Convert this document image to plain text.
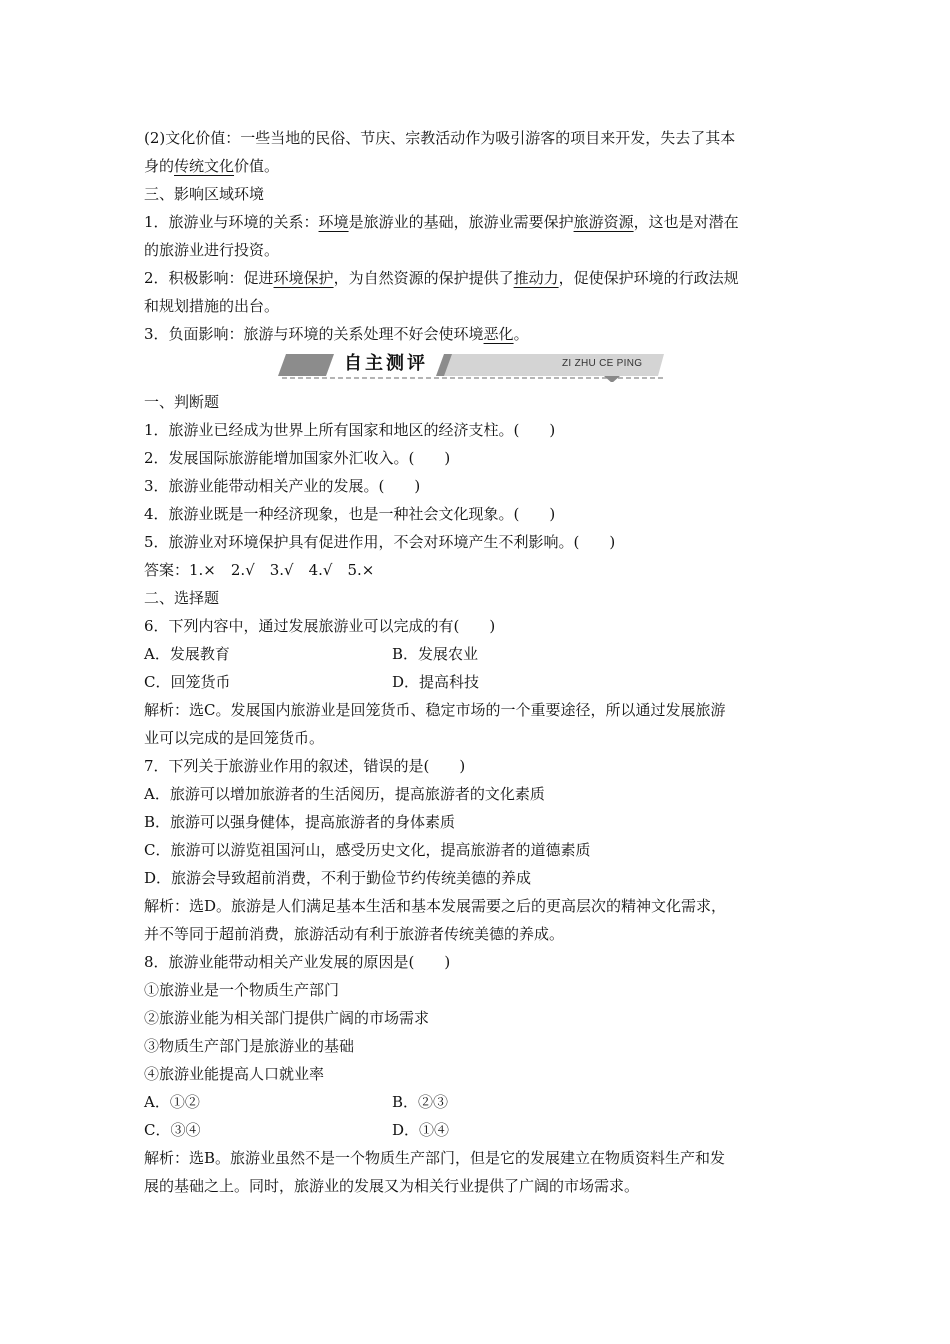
(2)文化价值：一些当地的民俗、节庆、宗教活动作为吸引游客的项目来开发，失去了其本
身的传统文化价值。
三、影响区域环境
1．旅游业与环境的关系：环境是旅游业的基础，旅游业需要保护旅游资源，这也是对潜在
的旅游业进行投资。
2．积极影响：促进环境保护，为自然资源的保护提供了推动力，促使保护环境的行政法规
和规划措施的出台。
3．负面影响：旅游与环境的关系处理不好会使环境恶化。
自主测评	ZI ZHU CE PING
一、判断题
1．旅游业已经成为世界上所有国家和地区的经济支柱。(　　)
2．发展国际旅游能增加国家外汇收入。(　　)
3．旅游业能带动相关产业的发展。(　　)
4．旅游业既是一种经济现象，也是一种社会文化现象。(　　)
5．旅游业对环境保护具有促进作用，不会对环境产生不利影响。(　　)
答案：1.×　2.√　3.√　4.√　5.×
二、选择题
6．下列内容中，通过发展旅游业可以完成的有(　　)
A．发展教育	B．发展农业
C．回笼货币	D．提高科技
解析：选C。发展国内旅游业是回笼货币、稳定市场的一个重要途径，所以通过发展旅游
业可以完成的是回笼货币。
7．下列关于旅游业作用的叙述，错误的是(　　)
A．旅游可以增加旅游者的生活阅历，提高旅游者的文化素质
B．旅游可以强身健体，提高旅游者的身体素质
C．旅游可以游览祖国河山，感受历史文化，提高旅游者的道德素质
D．旅游会导致超前消费，不利于勤俭节约传统美德的养成
解析：选D。旅游是人们满足基本生活和基本发展需要之后的更高层次的精神文化需求，
并不等同于超前消费，旅游活动有利于旅游者传统美德的养成。
8．旅游业能带动相关产业发展的原因是(　　)
①旅游业是一个物质生产部门
②旅游业能为相关部门提供广阔的市场需求
③物质生产部门是旅游业的基础
④旅游业能提高人口就业率
A．①②	B．②③
C．③④	D．①④
解析：选B。旅游业虽然不是一个物质生产部门，但是它的发展建立在物质资料生产和发
展的基础之上。同时，旅游业的发展又为相关行业提供了广阔的市场需求。
